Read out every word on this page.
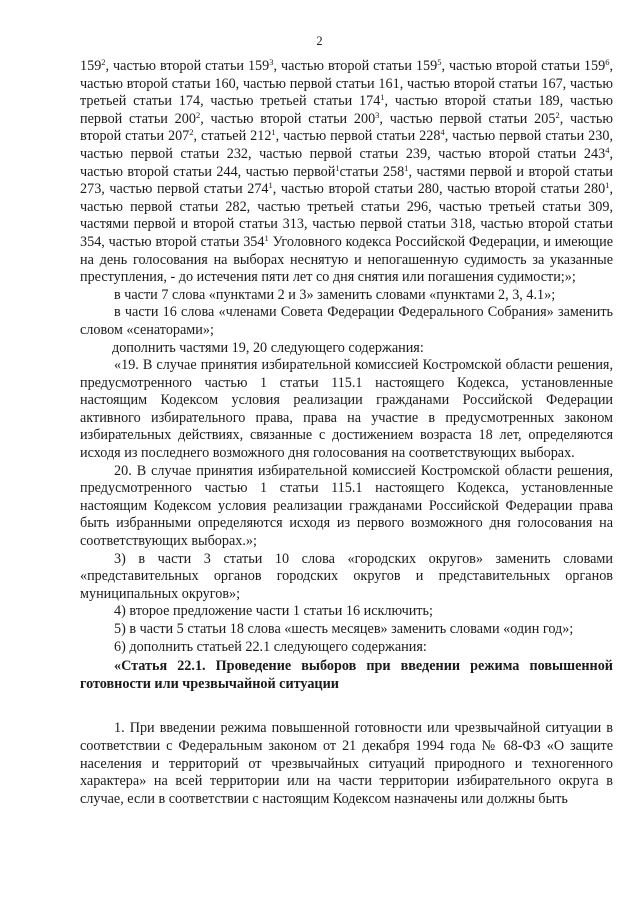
2

$159^2$, частью второй статьи $159^3$, частью второй статьи $159^5$, частью второй статьи $159^6$, частью второй статьи 160, частью первой статьи 161, частью второй статьи 167, частью третьей статьи 174, частью третьей статьи $174^1$, частью второй статьи 189, частью первой статьи $200^2$, частью второй статьи $200^3$, частью первой статьи $205^2$, частью второй статьи $207^2$, статьей $212^1$, частью первой статьи $228^4$, частью первой статьи 230, частью первой статьи 232, частью первой статьи 239, частью второй статьи $243^4$, частью второй статьи 244, частью первой$^1$статьи $258^1$, частями первой и второй статьи 273, частью первой статьи $274^1$, частью второй статьи 280, частью второй статьи $280^1$, частью первой статьи 282, частью третьей статьи 296, частью третьей статьи 309, частями первой и второй статьи 313, частью первой статьи 318, частью второй статьи 354, частью второй статьи $354^1$ Уголовного кодекса Российской Федерации, и имеющие на день голосования на выборах неснятую и непогашенную судимость за указанные преступления, - до истечения пяти лет со дня снятия или погашения судимости;»;

в части 7 слова «пунктами 2 и 3» заменить словами «пунктами 2, 3, 4.1»;

в части 16 слова «членами Совета Федерации Федерального Собрания» заменить словом «сенаторами»;

дополнить частями 19, 20 следующего содержания:

«19. В случае принятия избирательной комиссией Костромской области решения, предусмотренного частью 1 статьи 115.1 настоящего Кодекса, установленные настоящим Кодексом условия реализации гражданами Российской Федерации активного избирательного права, права на участие в предусмотренных законом избирательных действиях, связанные с достижением возраста 18 лет, определяются исходя из последнего возможного дня голосования на соответствующих выборах.

20. В случае принятия избирательной комиссией Костромской области решения, предусмотренного частью 1 статьи 115.1 настоящего Кодекса, установленные настоящим Кодексом условия реализации гражданами Российской Федерации права быть избранными определяются исходя из первого возможного дня голосования на соответствующих выборах.»;

3) в части 3 статьи 10 слова «городских округов» заменить словами «представительных органов городских округов и представительных органов муниципальных округов»;

4) второе предложение части 1 статьи 16 исключить;

5) в части 5 статьи 18 слова «шесть месяцев» заменить словами «один год»;

6) дополнить статьей 22.1 следующего содержания:

«Статья 22.1. Проведение выборов при введении режима повышенной готовности или чрезвычайной ситуации

1. При введении режима повышенной готовности или чрезвычайной ситуации в соответствии с Федеральным законом от 21 декабря 1994 года № 68-ФЗ «О защите населения и территорий от чрезвычайных ситуаций природного и техногенного характера» на всей территории или на части территории избирательного округа в случае, если в соответствии с настоящим Кодексом назначены или должны быть
